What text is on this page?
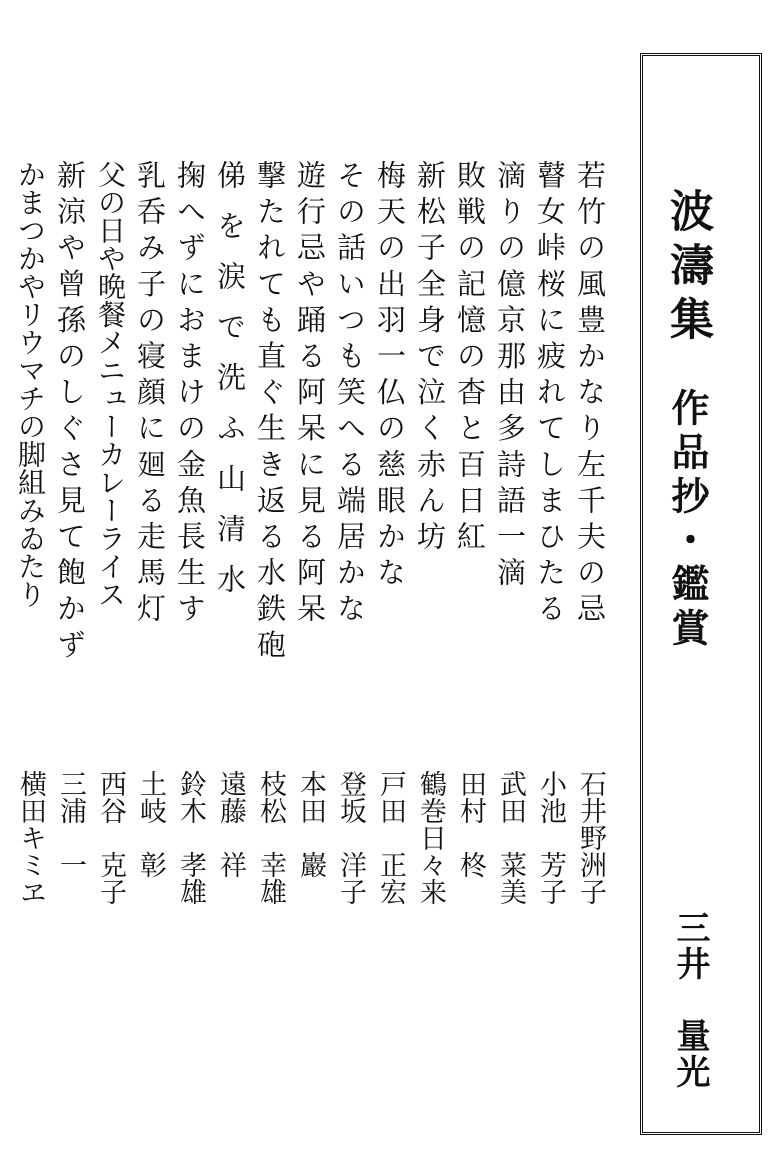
波濤集
作品抄・鑑賞
三井　量光
若竹の風豊かなり左千夫の忌
石井野洲子
瞽女峠桜に疲れてしまひたる
小池　芳子
滴りの億京那由多詩語一滴
武田　菜美
敗戦の記憶の杳と百日紅
田村　柊
新松子全身で泣く赤ん坊
鶴巻日々来
梅天の出羽一仏の慈眼かな
戸田　正宏
その話いつも笑へる端居かな
登坂　洋子
遊行忌や踊る阿呆に見る阿呆
本田　巖
撃たれても直ぐ生き返る水鉄砲
枝松　幸雄
俤を涙で洗ふ山清水
遠藤　祥
掬へずにおまけの金魚長生す
鈴木　孝雄
乳呑み子の寝顔に廻る走馬灯
土岐　彰
父の日や晩餐メニューカレーライス
西谷　克子
新涼や曾孫のしぐさ見て飽かず
三浦　一
かまつかやリウマチの脚組みゐたり
横田キミヱ
